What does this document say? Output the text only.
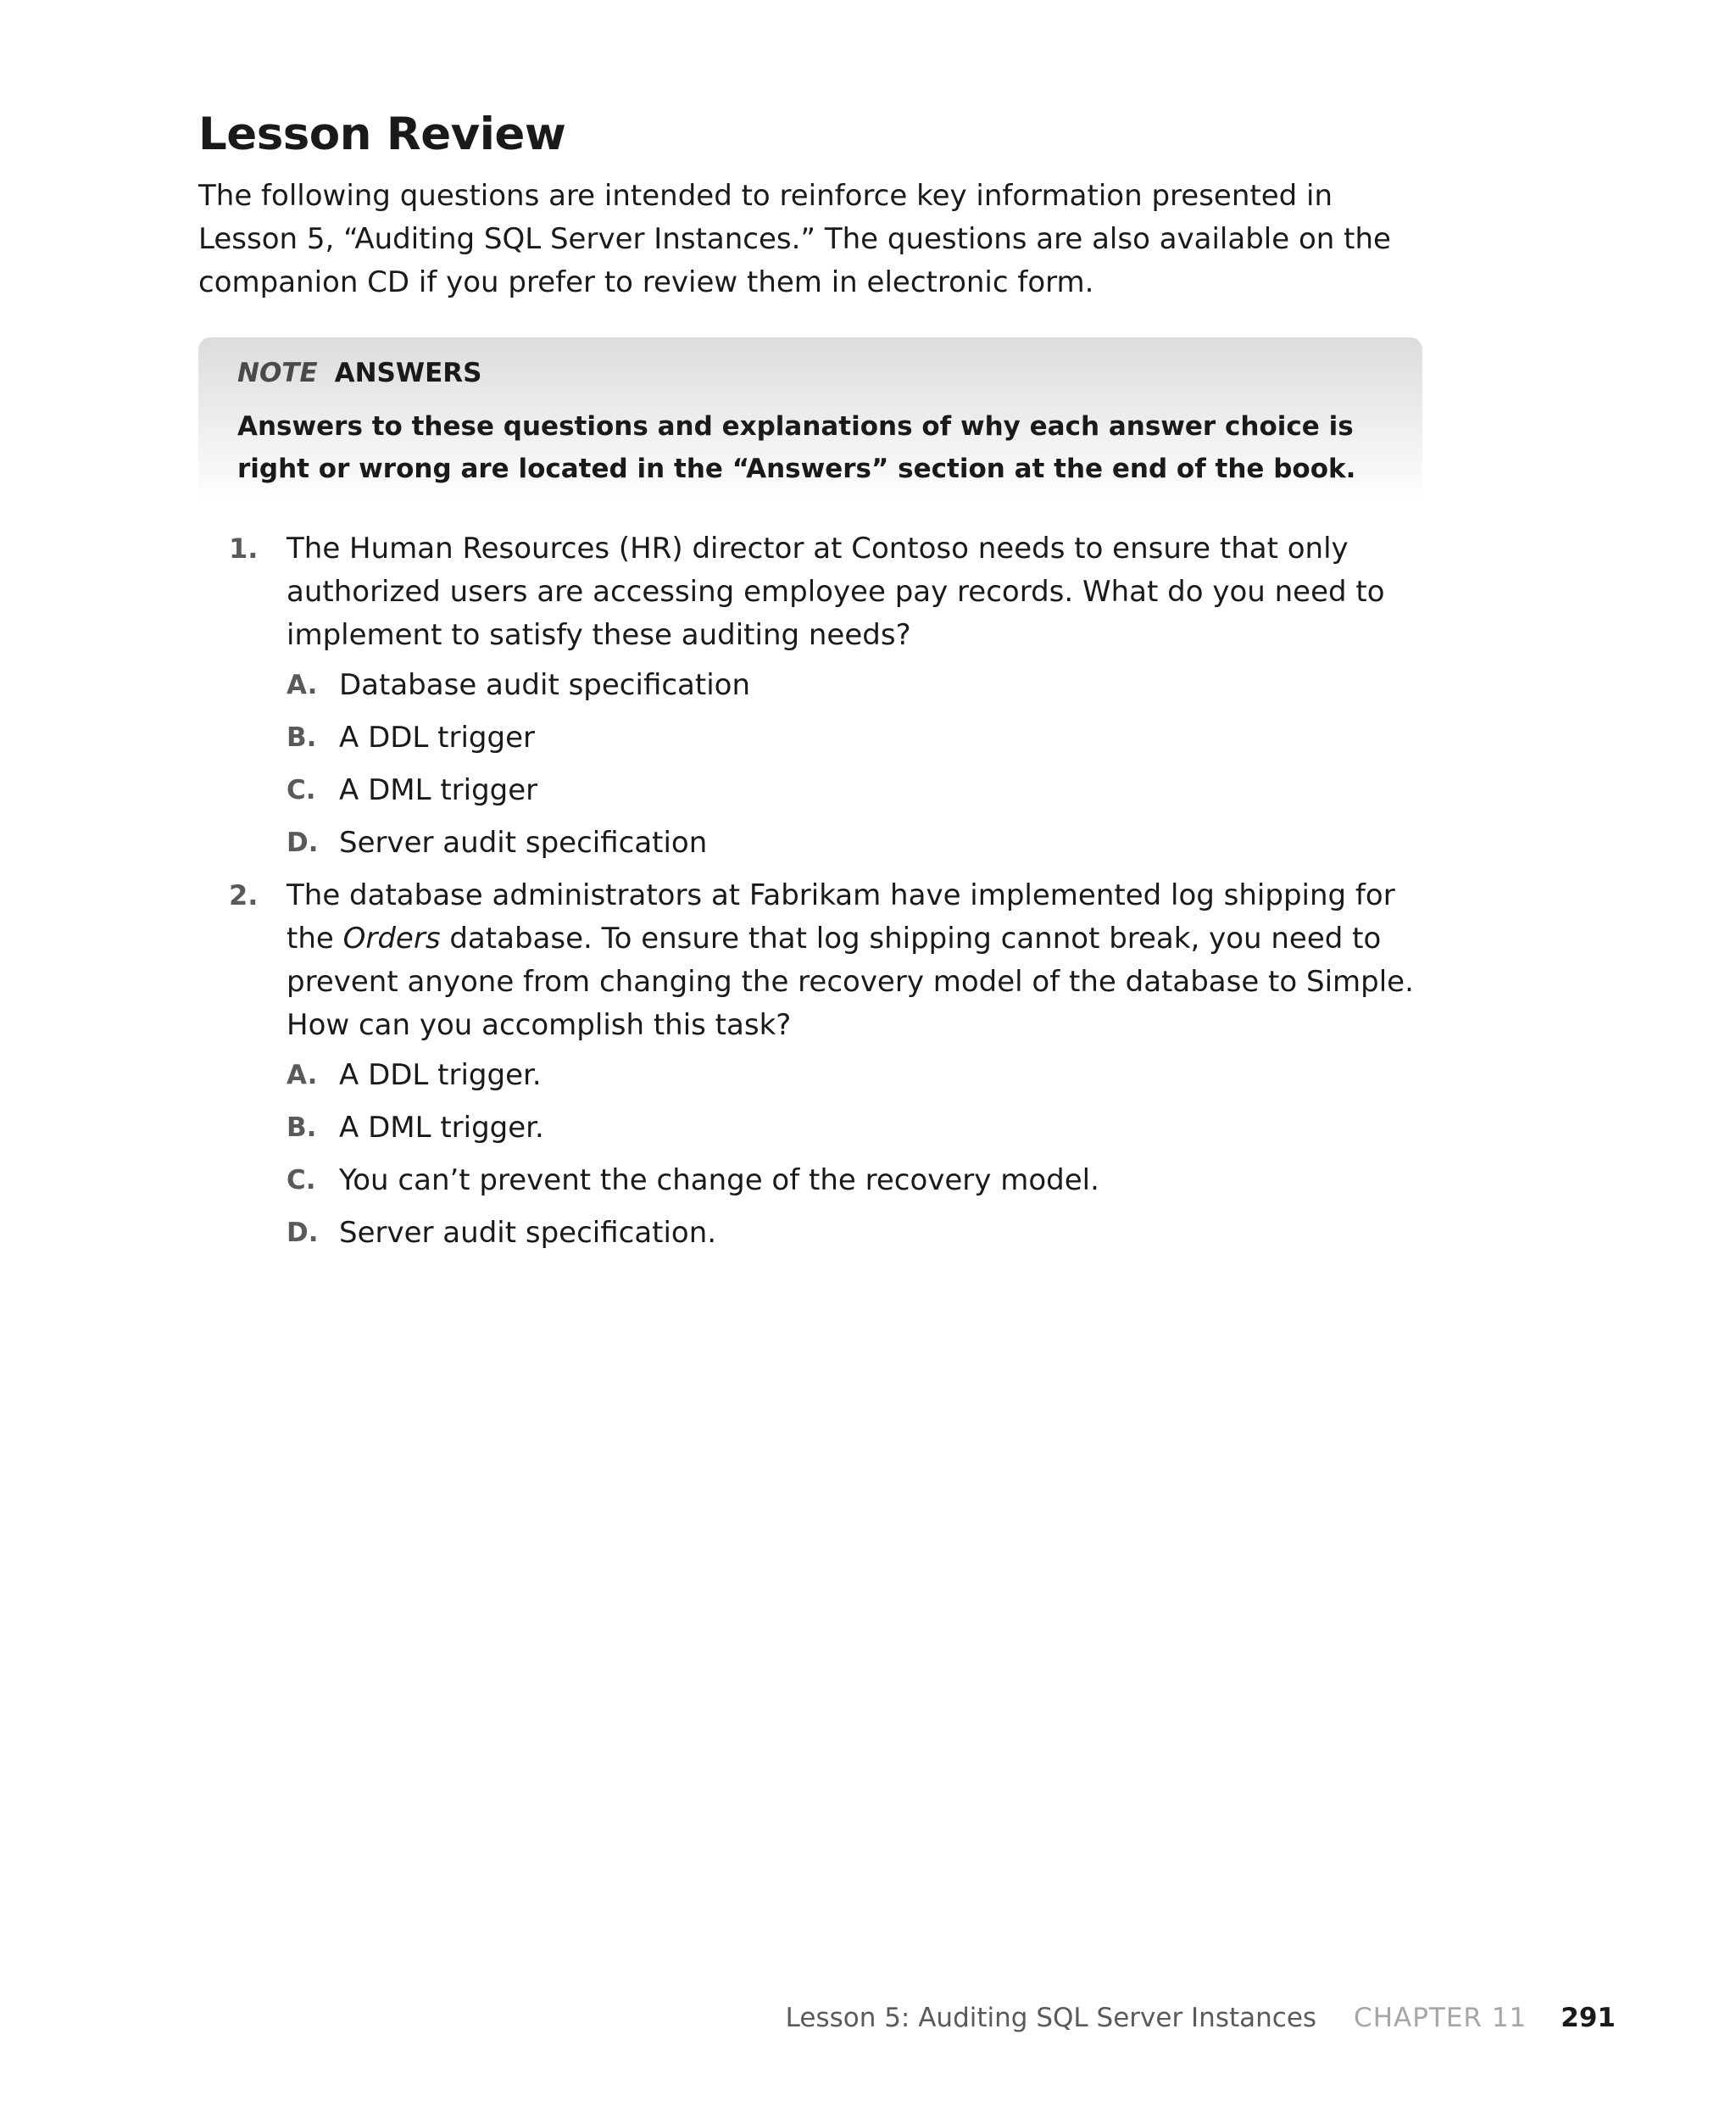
Lesson Review

The following questions are intended to reinforce key information presented in Lesson 5, “Auditing SQL Server Instances.” The questions are also available on the companion CD if you prefer to review them in electronic form.

NOTE ANSWERS

Answers to these questions and explanations of why each answer choice is right or wrong are located in the “Answers” section at the end of the book.

1. The Human Resources (HR) director at Contoso needs to ensure that only authorized users are accessing employee pay records. What do you need to implement to satisfy these auditing needs?

A. Database audit specification
B. A DDL trigger
C. A DML trigger
D. Server audit specification
2. The database administrators at Fabrikam have implemented log shipping for the Orders database. To ensure that log shipping cannot break, you need to prevent anyone from changing the recovery model of the database to Simple. How can you accomplish this task?

A. A DDL trigger.
B. A DML trigger.
C. You can’t prevent the change of the recovery model.
D. Server audit specification.
Lesson 5: Auditing SQL Server Instances CHAPTER 11 291
